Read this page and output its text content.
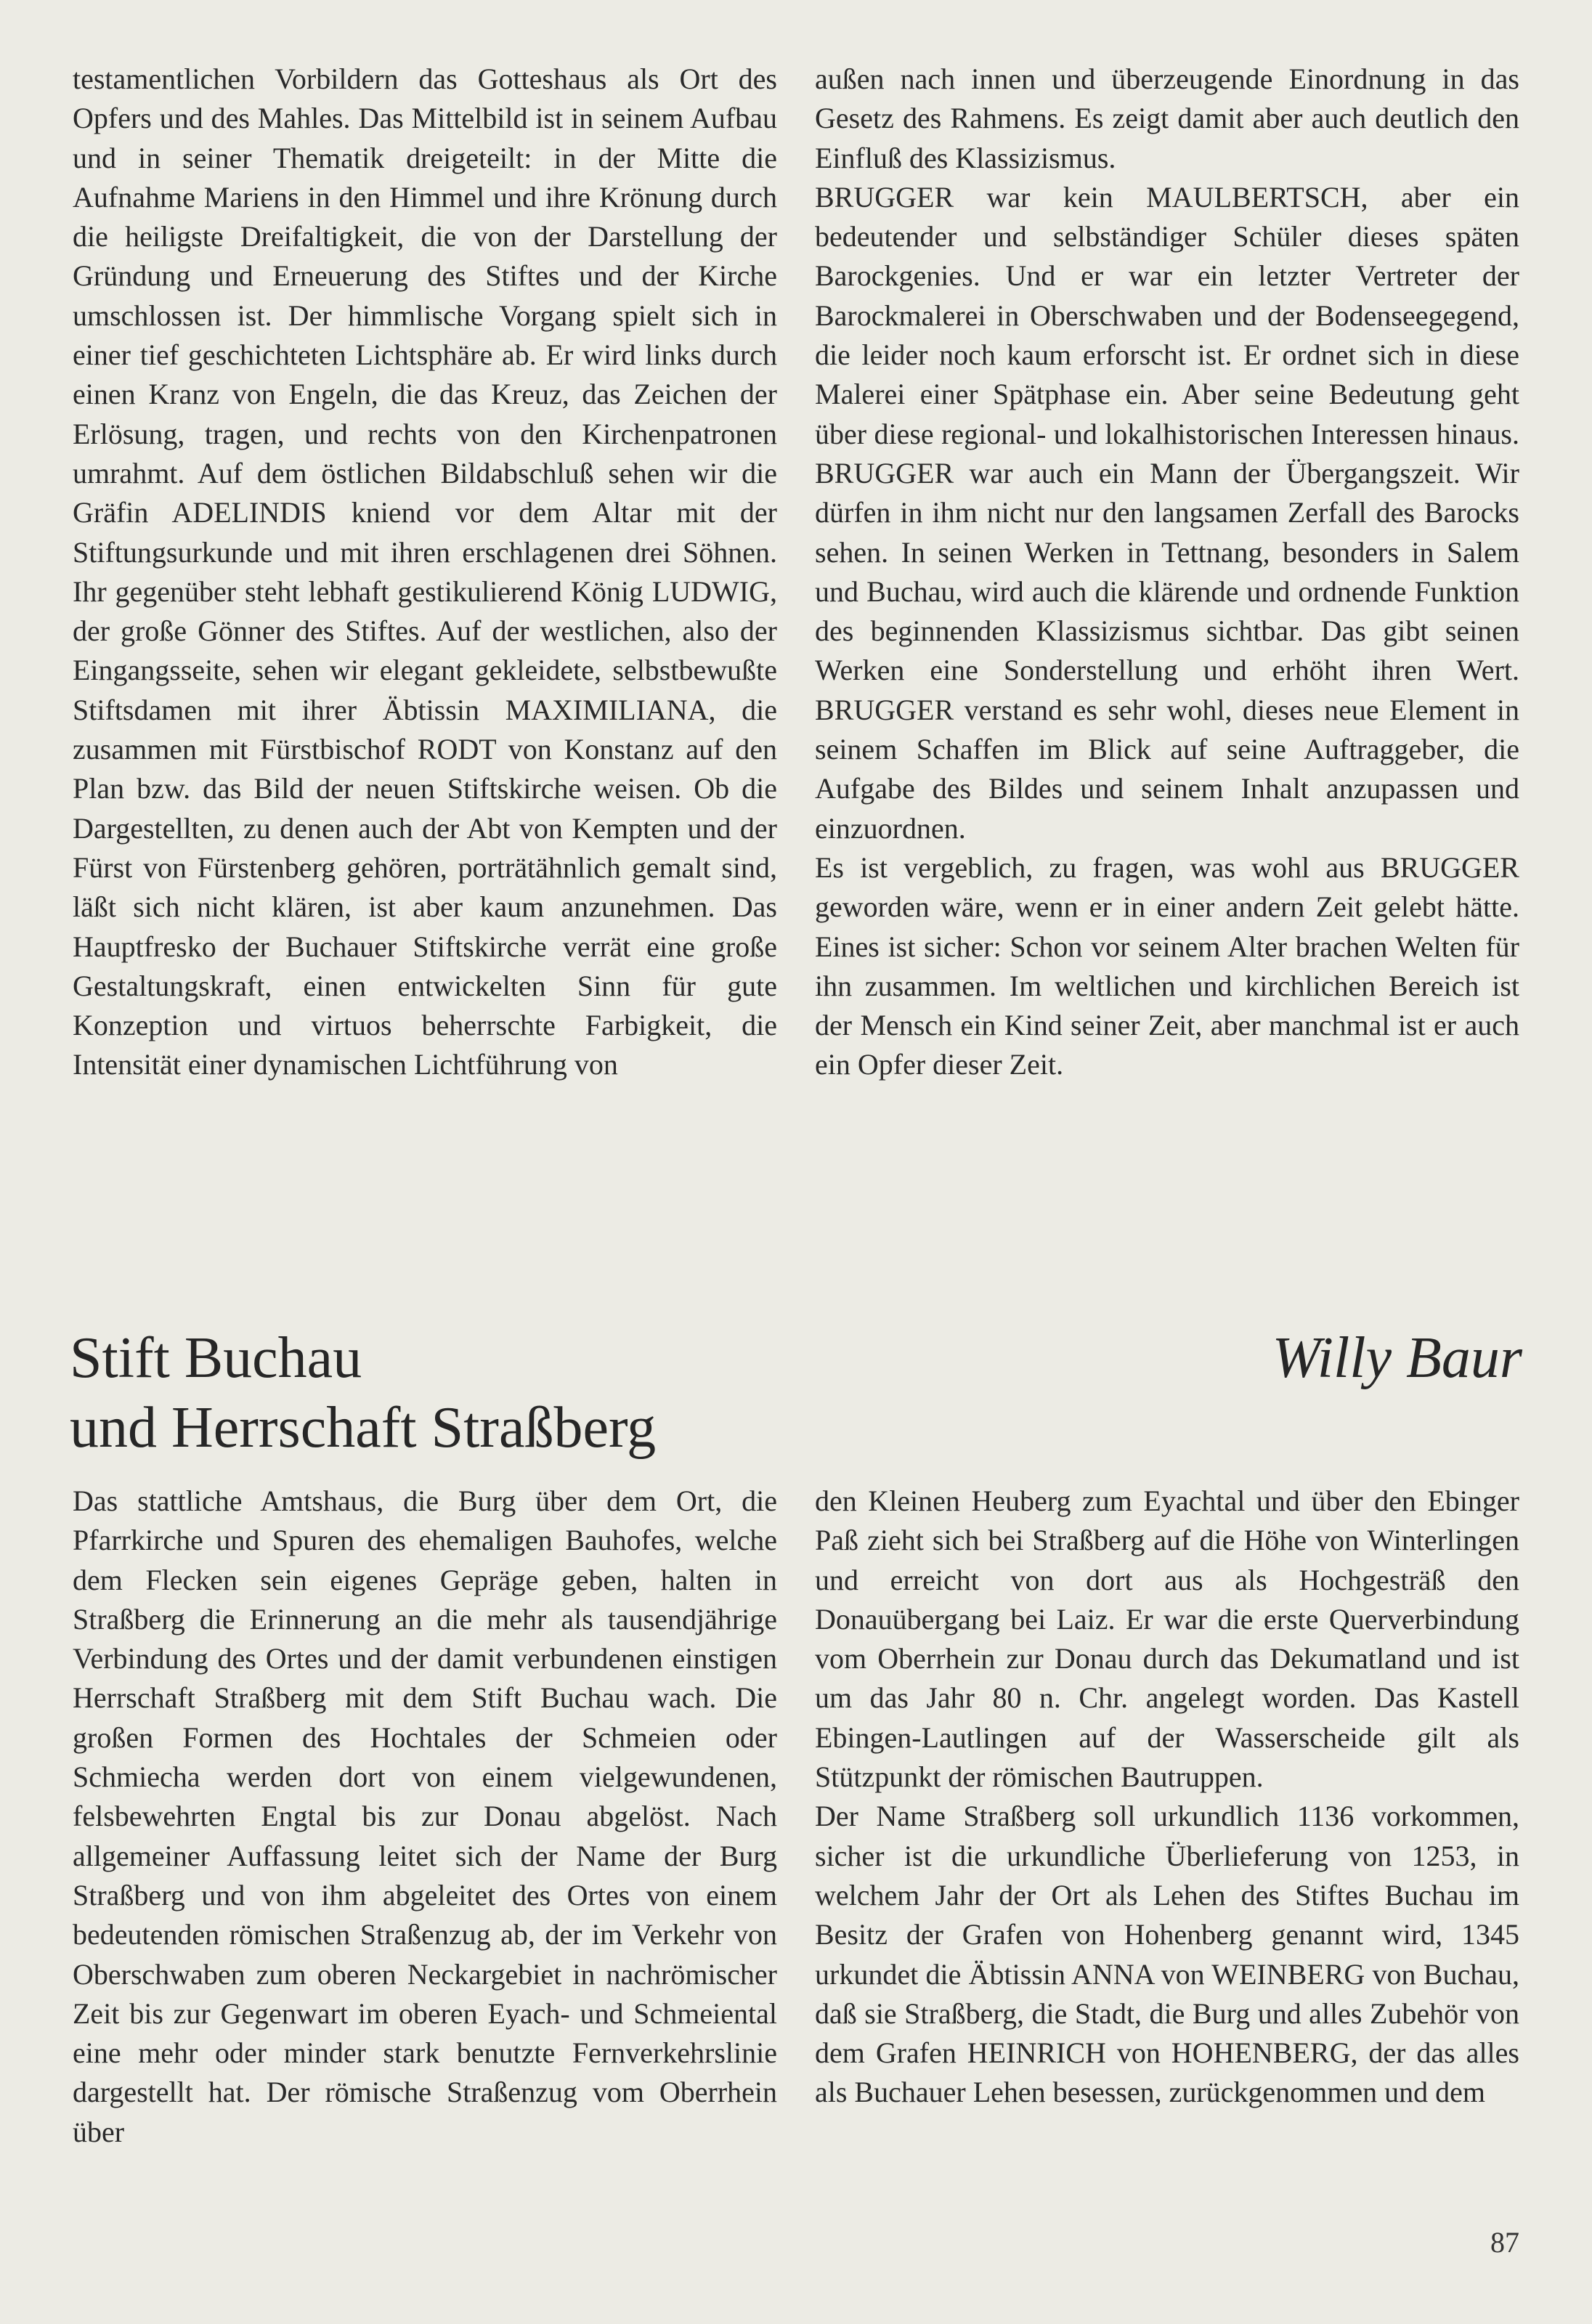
testamentlichen Vorbildern das Gotteshaus als Ort des Opfers und des Mahles. Das Mittelbild ist in seinem Aufbau und in seiner Thematik dreigeteilt: in der Mitte die Aufnahme Mariens in den Himmel und ihre Krönung durch die heiligste Dreifaltigkeit, die von der Darstellung der Gründung und Erneuerung des Stiftes und der Kirche umschlossen ist. Der himmlische Vorgang spielt sich in einer tief geschichteten Lichtsphäre ab. Er wird links durch einen Kranz von Engeln, die das Kreuz, das Zeichen der Erlösung, tragen, und rechts von den Kirchenpatronen umrahmt. Auf dem östlichen Bildabschluß sehen wir die Gräfin ADELINDIS kniend vor dem Altar mit der Stiftungsurkunde und mit ihren erschlagenen drei Söhnen. Ihr gegenüber steht lebhaft gestikulierend König LUDWIG, der große Gönner des Stiftes. Auf der westlichen, also der Eingangsseite, sehen wir elegant gekleidete, selbstbewußte Stiftsdamen mit ihrer Äbtissin MAXIMILIANA, die zusammen mit Fürstbischof RODT von Konstanz auf den Plan bzw. das Bild der neuen Stiftskirche weisen. Ob die Dargestellten, zu denen auch der Abt von Kempten und der Fürst von Fürstenberg gehören, porträtähnlich gemalt sind, läßt sich nicht klären, ist aber kaum anzunehmen. Das Hauptfresko der Buchauer Stiftskirche verrät eine große Gestaltungskraft, einen entwickelten Sinn für gute Konzeption und virtuos beherrschte Farbigkeit, die Intensität einer dynamischen Lichtführung von

außen nach innen und überzeugende Einordnung in das Gesetz des Rahmens. Es zeigt damit aber auch deutlich den Einfluß des Klassizismus.

BRUGGER war kein MAULBERTSCH, aber ein bedeutender und selbständiger Schüler dieses späten Barockgenies. Und er war ein letzter Vertreter der Barockmalerei in Oberschwaben und der Bodenseegegend, die leider noch kaum erforscht ist. Er ordnet sich in diese Malerei einer Spätphase ein. Aber seine Bedeutung geht über diese regional- und lokalhistorischen Interessen hinaus. BRUGGER war auch ein Mann der Übergangszeit. Wir dürfen in ihm nicht nur den langsamen Zerfall des Barocks sehen. In seinen Werken in Tettnang, besonders in Salem und Buchau, wird auch die klärende und ordnende Funktion des beginnenden Klassizismus sichtbar. Das gibt seinen Werken eine Sonderstellung und erhöht ihren Wert. BRUGGER verstand es sehr wohl, dieses neue Element in seinem Schaffen im Blick auf seine Auftraggeber, die Aufgabe des Bildes und seinem Inhalt anzupassen und einzuordnen.

Es ist vergeblich, zu fragen, was wohl aus BRUGGER geworden wäre, wenn er in einer andern Zeit gelebt hätte. Eines ist sicher: Schon vor seinem Alter brachen Welten für ihn zusammen. Im weltlichen und kirchlichen Bereich ist der Mensch ein Kind seiner Zeit, aber manchmal ist er auch ein Opfer dieser Zeit.

Stift Buchau
und Herrschaft Straßberg
Willy Baur

Das stattliche Amtshaus, die Burg über dem Ort, die Pfarrkirche und Spuren des ehemaligen Bauhofes, welche dem Flecken sein eigenes Gepräge geben, halten in Straßberg die Erinnerung an die mehr als tausendjährige Verbindung des Ortes und der damit verbundenen einstigen Herrschaft Straßberg mit dem Stift Buchau wach. Die großen Formen des Hochtales der Schmeien oder Schmiecha werden dort von einem vielgewundenen, felsbewehrten Engtal bis zur Donau abgelöst. Nach allgemeiner Auffassung leitet sich der Name der Burg Straßberg und von ihm abgeleitet des Ortes von einem bedeutenden römischen Straßenzug ab, der im Verkehr von Oberschwaben zum oberen Neckargebiet in nachrömischer Zeit bis zur Gegenwart im oberen Eyach- und Schmeiental eine mehr oder minder stark benutzte Fernverkehrslinie dargestellt hat. Der römische Straßenzug vom Oberrhein über

den Kleinen Heuberg zum Eyachtal und über den Ebinger Paß zieht sich bei Straßberg auf die Höhe von Winterlingen und erreicht von dort aus als Hochgesträß den Donauübergang bei Laiz. Er war die erste Querverbindung vom Oberrhein zur Donau durch das Dekumatland und ist um das Jahr 80 n. Chr. angelegt worden. Das Kastell Ebingen-Lautlingen auf der Wasserscheide gilt als Stützpunkt der römischen Bautruppen.

Der Name Straßberg soll urkundlich 1136 vorkommen, sicher ist die urkundliche Überlieferung von 1253, in welchem Jahr der Ort als Lehen des Stiftes Buchau im Besitz der Grafen von Hohenberg genannt wird, 1345 urkundet die Äbtissin ANNA von WEINBERG von Buchau, daß sie Straßberg, die Stadt, die Burg und alles Zubehör von dem Grafen HEINRICH von HOHENBERG, der das alles als Buchauer Lehen besessen, zurückgenommen und dem

87
